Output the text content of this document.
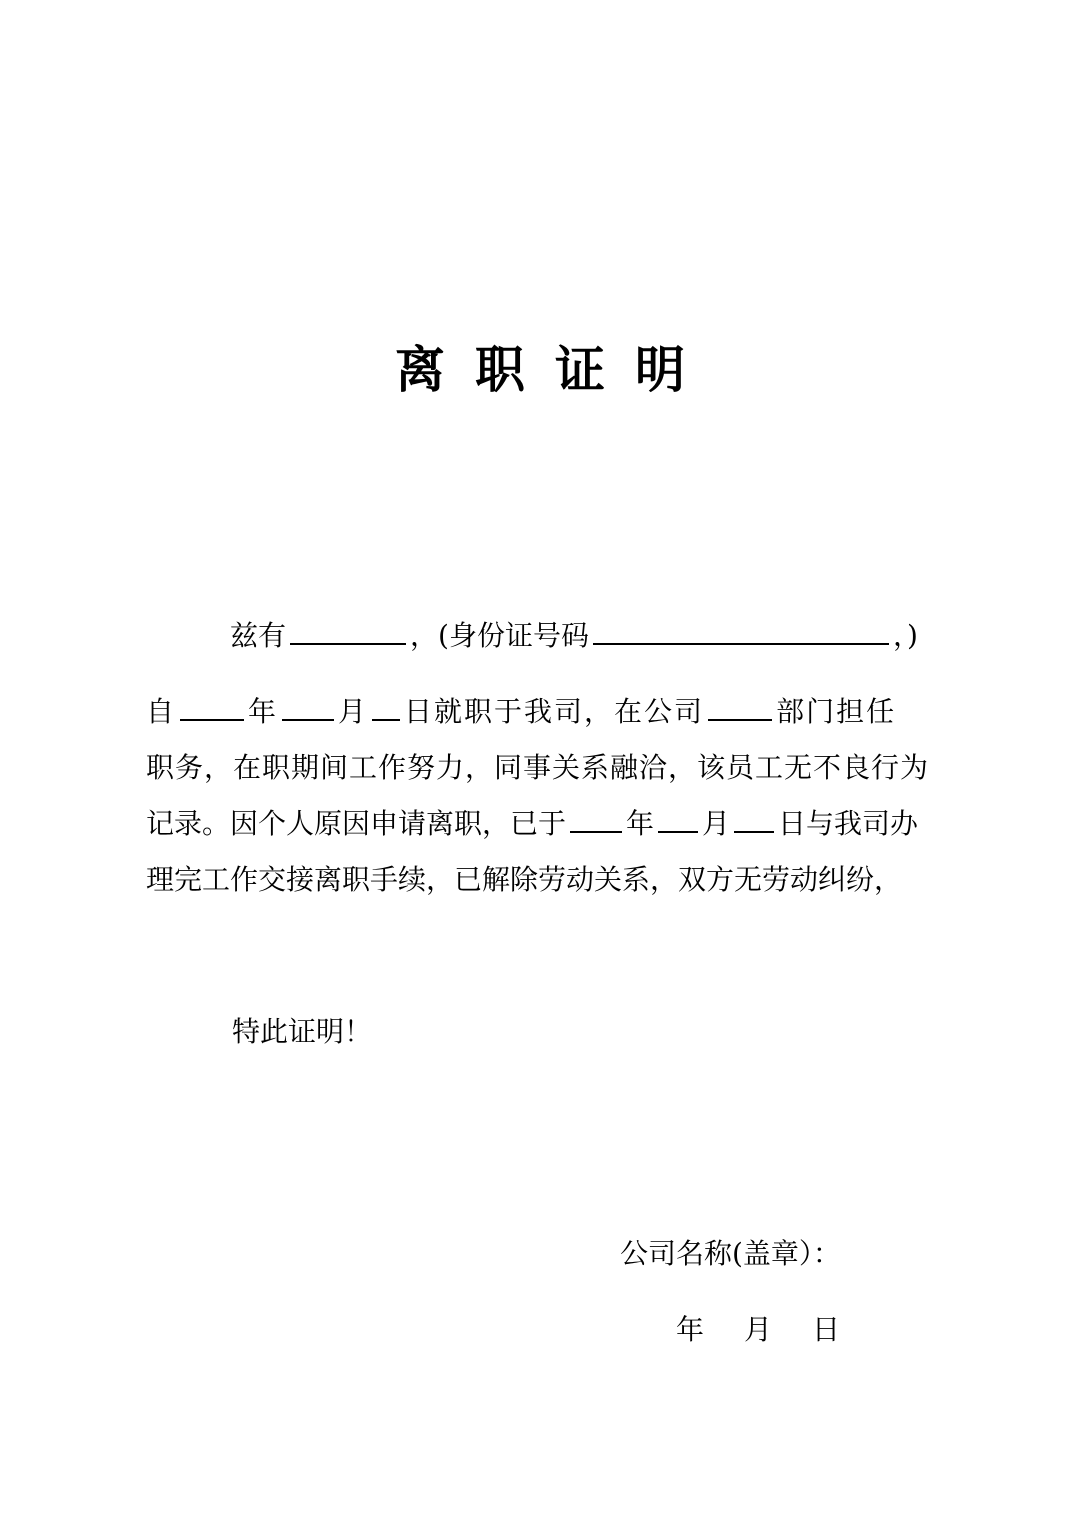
离职证明
兹有	，(身份证号码	，)
自	年 月 日就职于我司，在公司	部门担任
职务，在职期间工作努力，同事关系融洽，该员工无不良行为
记录。因个人原因申请离职，已于 年 月 日与我司办
理完工作交接离职手续，已解除劳动关系，双方无劳动纠纷，
特此证明！
公司名称(盖章）：
年 月 日
